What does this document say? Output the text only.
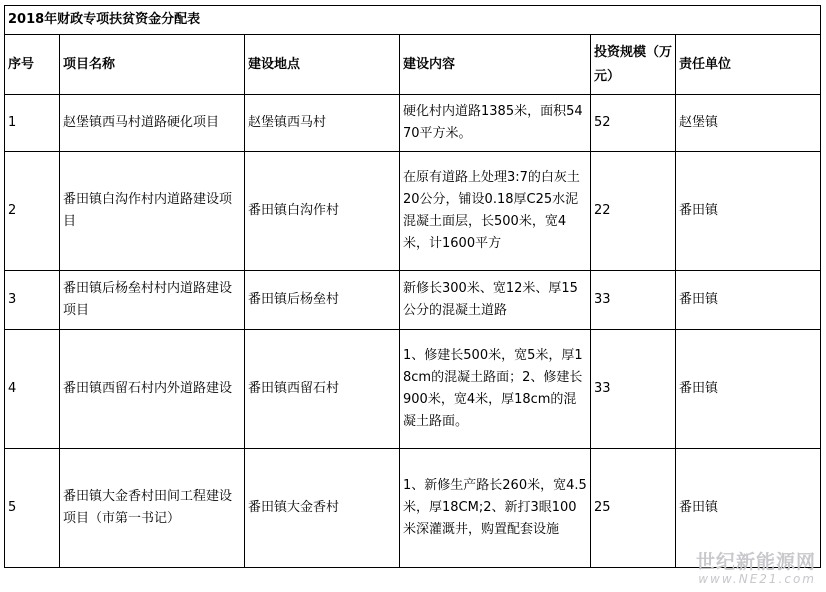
2018年财政专项扶贫资金分配表					
序号	项目名称	建设地点	建设内容	投资规模（万元）	责任单位
1	赵堡镇西马村道路硬化项目	赵堡镇西马村	硬化村内道路1385米，面积5470平方米。	52	赵堡镇
2	番田镇白沟作村内道路建设项目	番田镇白沟作村	在原有道路上处理3:7的白灰土20公分，铺设0.18厚C25水泥混凝土面层，长500米，宽4米，计1600平方	22	番田镇
3	番田镇后杨垒村村内道路建设项目	番田镇后杨垒村	新修长300米、宽12米、厚15公分的混凝土道路	33	番田镇
4	番田镇西留石村内外道路建设	番田镇西留石村	1、修建长500米，宽5米，厚18cm的混凝土路面；2、修建长900米，宽4米，厚18cm的混凝土路面。	33	番田镇
5	番田镇大金香村田间工程建设项目（市第一书记）	番田镇大金香村	1、新修生产路长260米，宽4.5米，厚18CM;2、新打3眼100米深灌溉井，购置配套设施	25	番田镇
世纪新能源网
www.NE21.com
